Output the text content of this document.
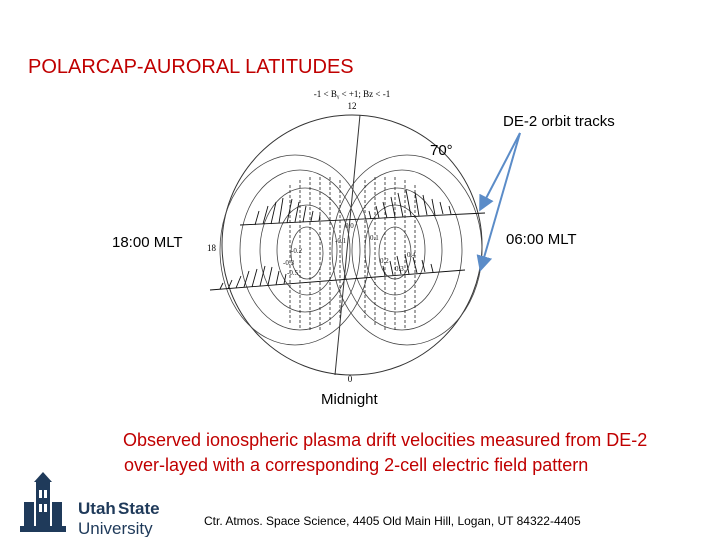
POLARCAP-AURORAL LATITUDES
-1 < Bᵧ < +1; Bᴢ < -1
12
18
0
0.0
-0.1
-0.2
-0.3
-0.5
0.1
0.2
0.3
0.4
DE-2 orbit tracks
70°
18:00 MLT	06:00 MLT
Midnight
Observed ionospheric plasma drift velocities measured from DE-2
over-layed with a corresponding 2-cell electric field pattern
Utah State
University	Ctr. Atmos. Space Science, 4405 Old Main Hill, Logan, UT 84322-4405
